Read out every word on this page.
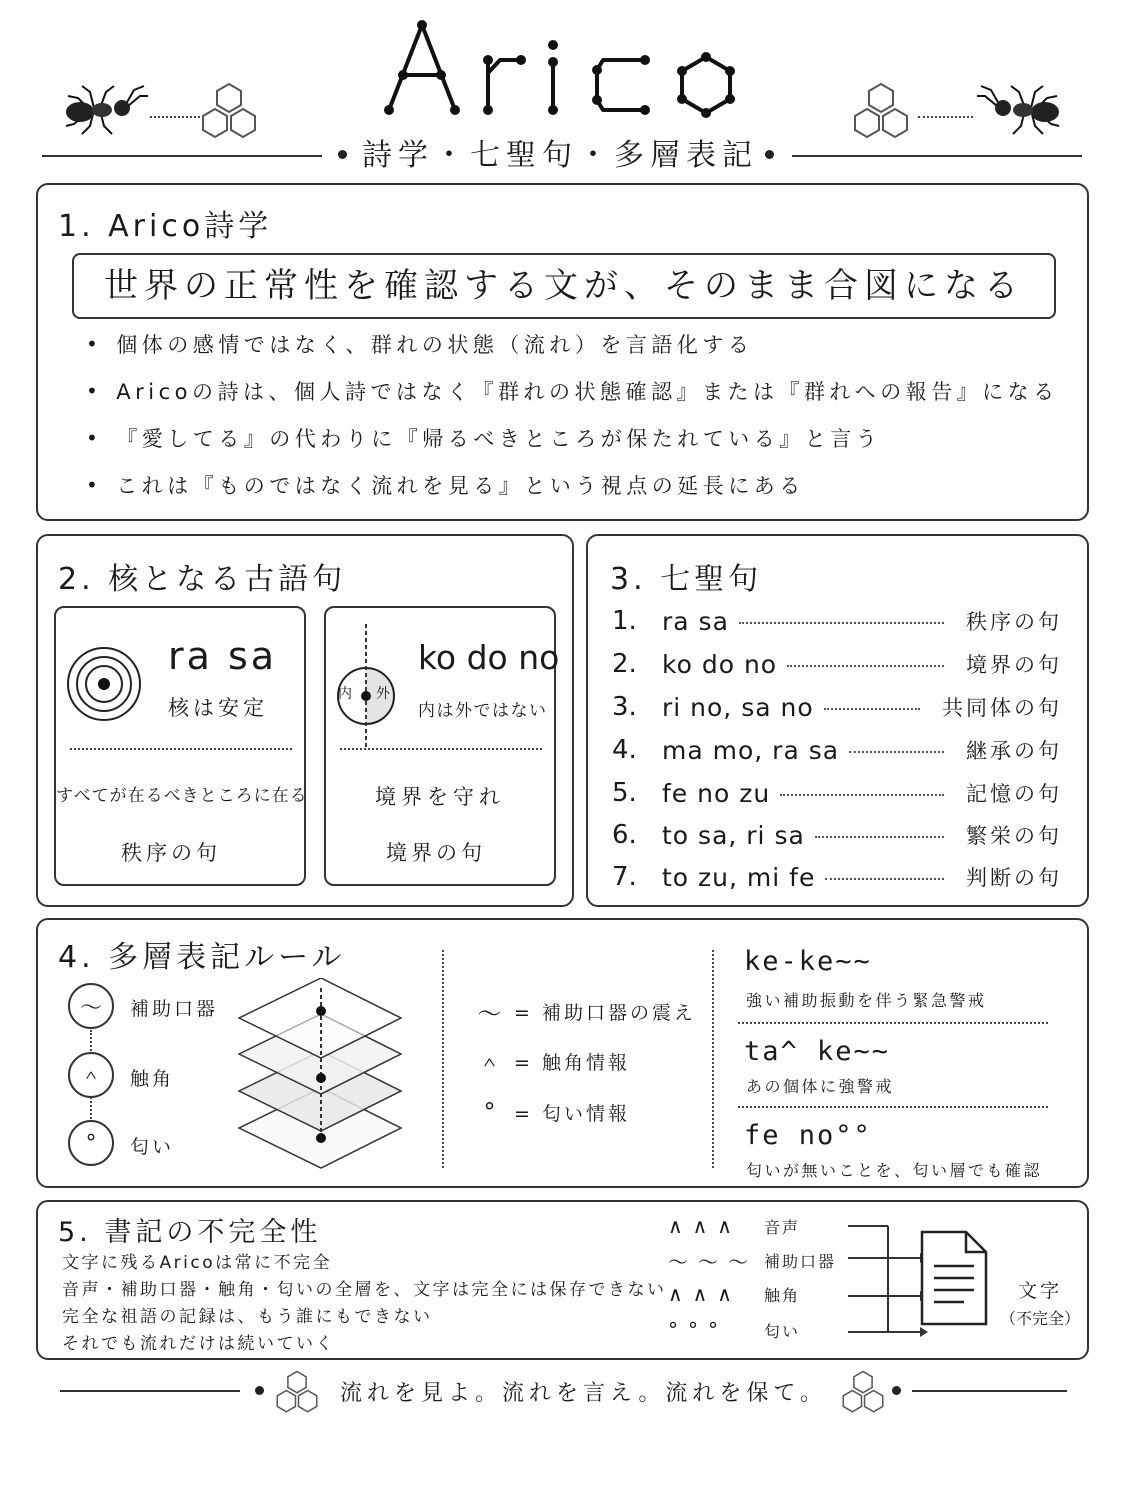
詩学・七聖句・多層表記
1. Arico詩学
世界の正常性を確認する文が、そのまま合図になる
• 個体の感情ではなく、群れの状態（流れ）を言語化する
• Aricoの詩は、個人詩ではなく『群れの状態確認』または『群れへの報告』になる
• 『愛してる』の代わりに『帰るべきところが保たれている』と言う
• これは『ものではなく流れを見る』という視点の延長にある
2. 核となる古語句
ra sa
核は安定
すべてが在るべきところに在る
秩序の句
内 外
ko do no
内は外ではない
境界を守れ
境界の句
3. 七聖句
1.	ra sa	秩序の句
2.	ko do no	境界の句
3.	ri no, sa no	共同体の句
4.	ma mo, ra sa	継承の句
5.	fe no zu	記憶の句
6.	to sa, ri sa	繁栄の句
7.	to zu, mi fe	判断の句
4. 多層表記ルール
～	補助口器
＾	触角
°	匂い
～ = 補助口器の震え
＾ = 触角情報
° = 匂い情報
ke-ke~~
強い補助振動を伴う緊急警戒
ta^ ke~~
あの個体に強警戒
fe no°°
匂いが無いことを、匂い層でも確認
5. 書記の不完全性
文字に残るAricoは常に不完全
音声・補助口器・触角・匂いの全層を、文字は完全には保存できない
完全な祖語の記録は、もう誰にもできない
それでも流れだけは続いていく
∧∧∧	音声
～～～ 補助口器
∧∧∧	触角
°°°	匂い
文字
（不完全）
流れを見よ。流れを言え。流れを保て。
